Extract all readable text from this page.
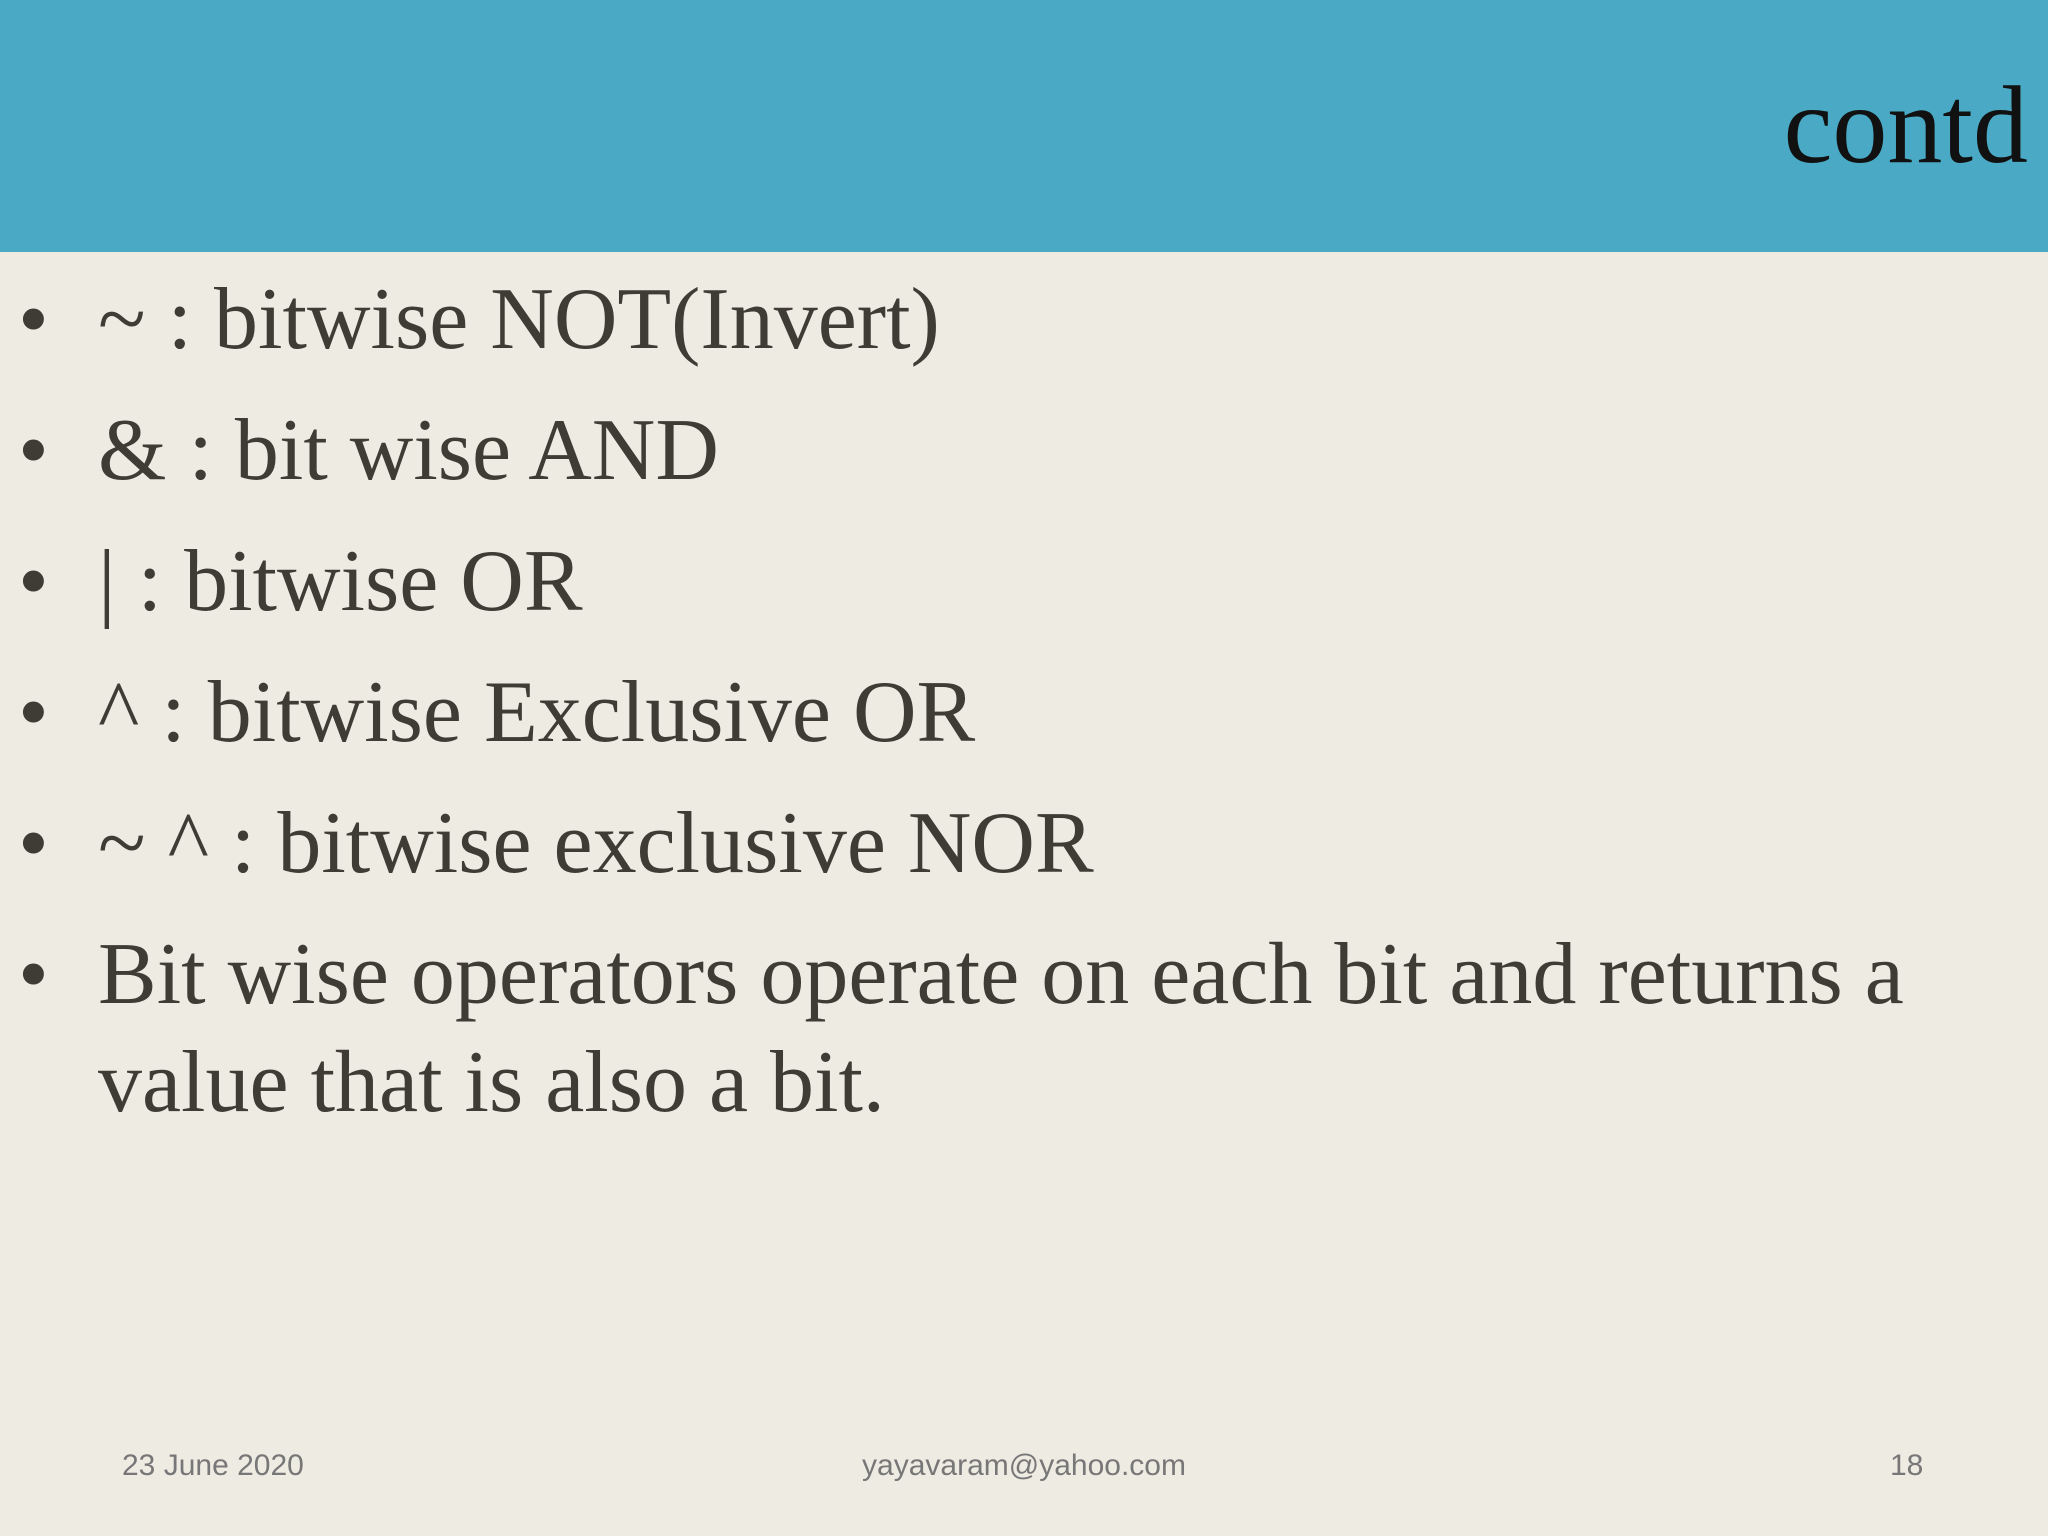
contd
• ~ : bitwise NOT(Invert)
• & : bit wise AND
• | : bitwise OR
• ^ : bitwise Exclusive OR
• ~ ^ : bitwise exclusive NOR
• Bit wise operators operate on each bit and returns a value that is also a bit.
23 June 2020	yayavaram@yahoo.com	18
